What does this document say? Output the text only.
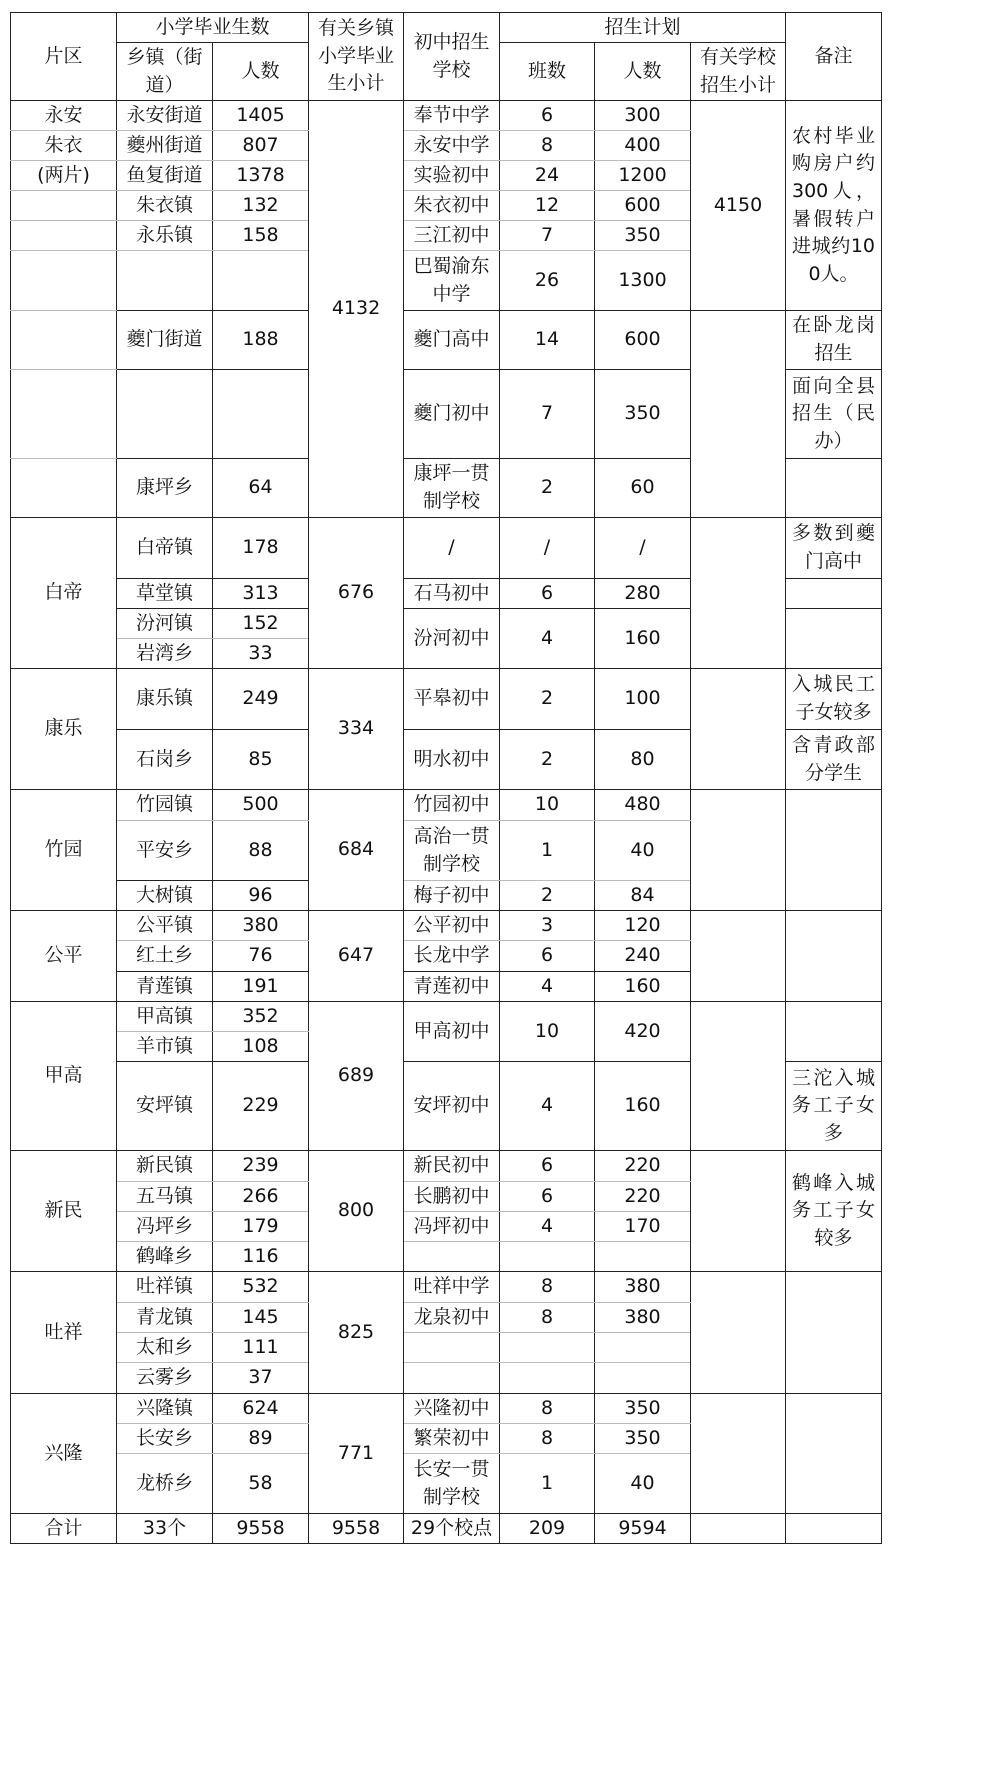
片区	小学毕业生数		有关乡镇小学毕业生小计	初中招生学校	招生计划			备注
	乡镇（街道）	人数			班数	人数	有关学校招生小计	
永安	永安街道	1405	4132	奉节中学	6	300	4150	农村毕业购房户约300人，暑假转户进城约100人。
朱衣	夔州街道	807		永安中学	8	400		
(两片)	鱼复街道	1378		实验初中	24	1200		
	朱衣镇	132		朱衣初中	12	600		
	永乐镇	158		三江初中	7	350		
				巴蜀渝东中学	26	1300		
	夔门街道	188		夔门高中	14	600		在卧龙岗招生
				夔门初中	7	350		面向全县招生（民办）
	康坪乡	64		康坪一贯制学校	2	60		
白帝	白帝镇	178	676	/	/	/		多数到夔门高中
	草堂镇	313		石马初中	6	280		
	汾河镇	152		汾河初中	4	160		
	岩湾乡	33						
康乐	康乐镇	249	334	平皋初中	2	100		入城民工子女较多
	石岗乡	85		明水初中	2	80		含青政部分学生
竹园	竹园镇	500	684	竹园初中	10	480		
	平安乡	88		高治一贯制学校	1	40		
	大树镇	96		梅子初中	2	84		
公平	公平镇	380	647	公平初中	3	120		
	红土乡	76		长龙中学	6	240		
	青莲镇	191		青莲初中	4	160		
甲高	甲高镇	352	689	甲高初中	10	420		
	羊市镇	108						
	安坪镇	229		安坪初中	4	160		三沱入城务工子女多
新民	新民镇	239	800	新民初中	6	220		鹤峰入城务工子女较多
	五马镇	266		长鹏初中	6	220		
	冯坪乡	179		冯坪初中	4	170		
	鹤峰乡	116						
吐祥	吐祥镇	532	825	吐祥中学	8	380		
	青龙镇	145		龙泉初中	8	380		
	太和乡	111						
	云雾乡	37						
兴隆	兴隆镇	624	771	兴隆初中	8	350		
	长安乡	89		繁荣初中	8	350		
	龙桥乡	58		长安一贯制学校	1	40		
合计	33个	9558	9558	29个校点	209	9594		
